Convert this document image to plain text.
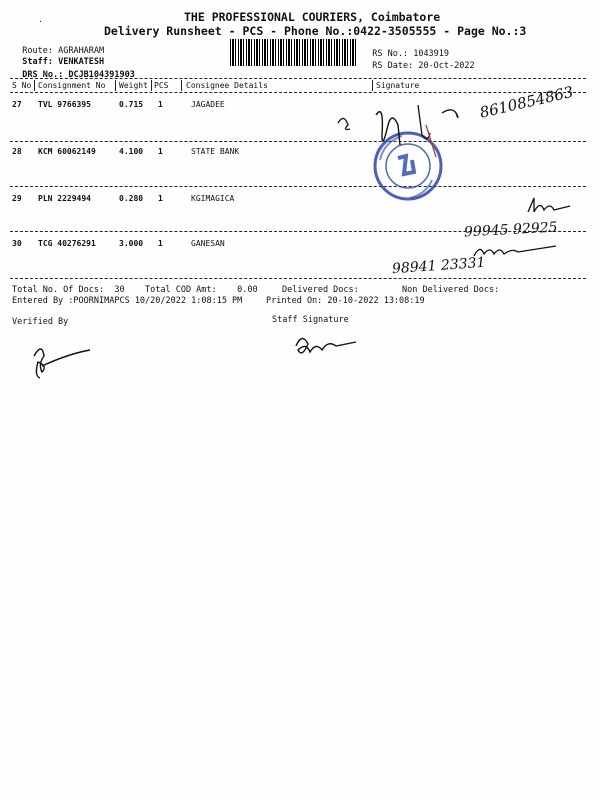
THE PROFESSIONAL COURIERS, Coimbatore
Delivery Runsheet - PCS - Phone No.:0422-3505555 - Page No.:3

Route: AGRAHARAM

Staff: VENKATESH

DRS No.: DCJB104391903

RS No.: 1043919

RS Date: 20-Oct-2022

S No Consignment No Weight PCS Consignee Details	Signature
27 TVL 9766395	0.715 1	JAGADEE
28 KCM 60062149	4.100 1	STATE BANK
29 PLN 2229494	0.280 1	KGIMAGICA
30 TCG 40276291	3.000 1	GANESAN
8610854863
99945 92925
98941 23331
Total No. Of Docs:  30 Total COD Amt:    0.00	Delivered Docs:	Non Delivered Docs:
Entered By :POORNIMAPCS 10/20/2022 1:08:15 PM	Printed On: 20-10-2022 13:08:19
Verified By	Staff Signature
·
